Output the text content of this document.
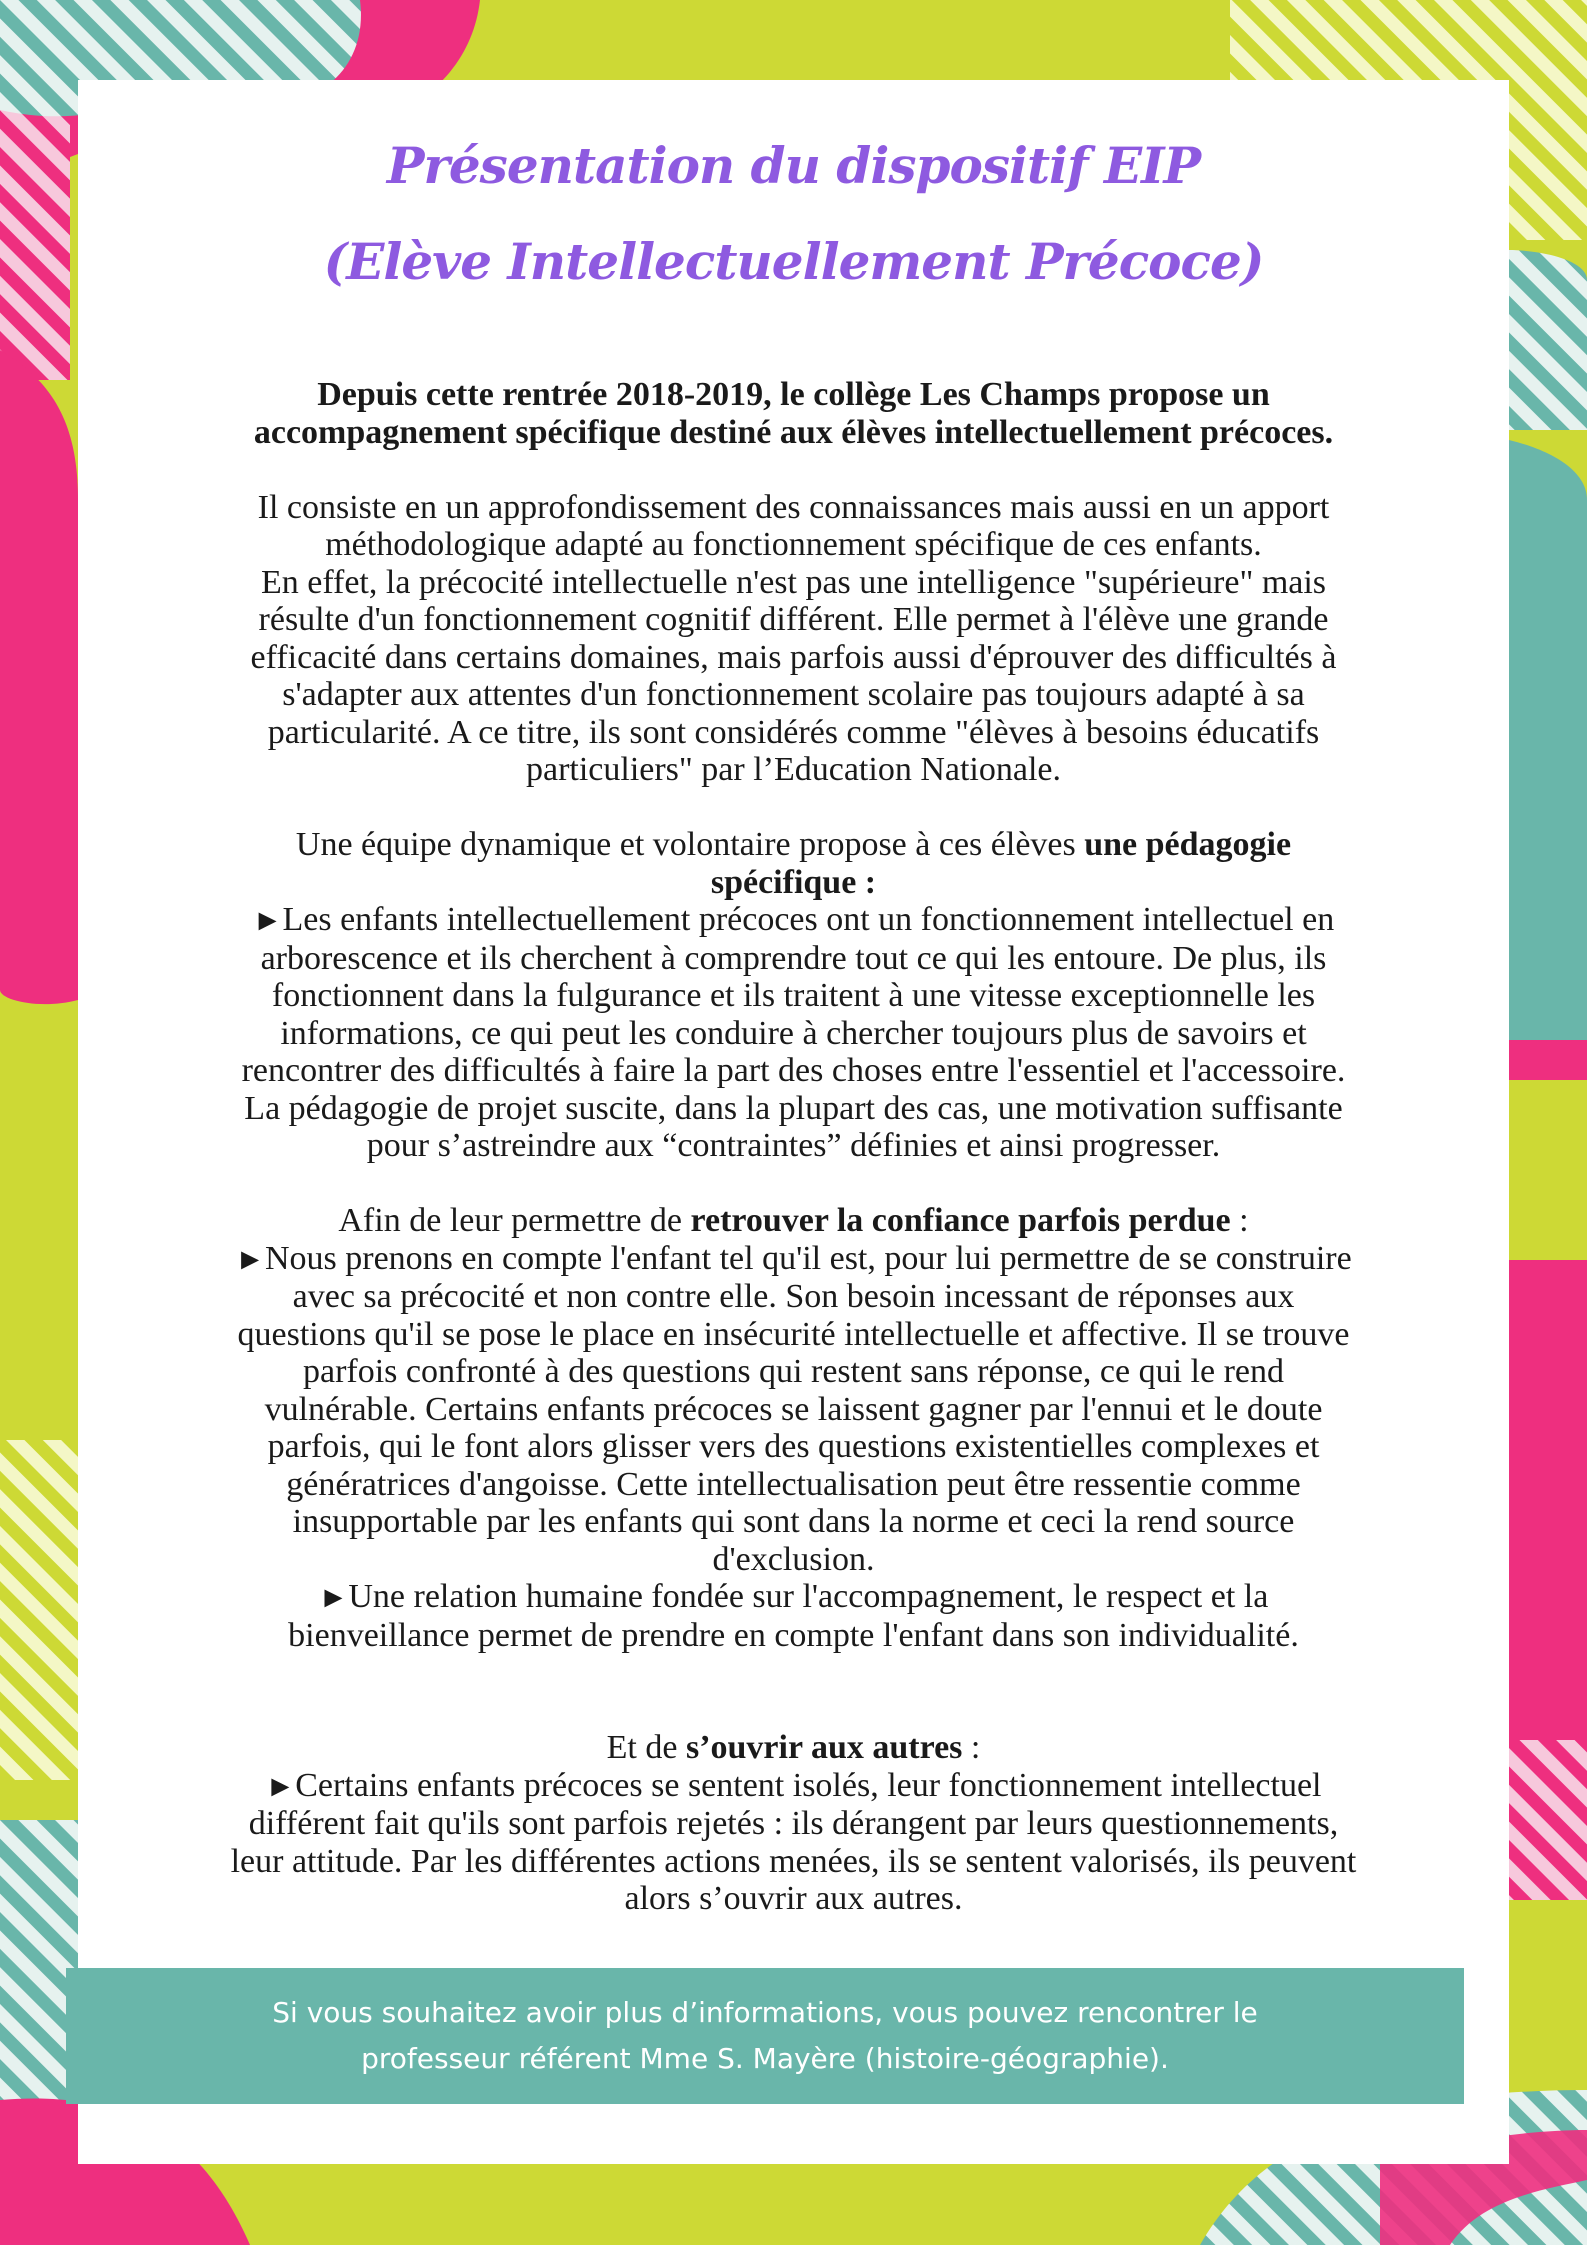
Présentation du dispositif EIP
(Elève Intellectuellement Précoce)

Depuis cette rentrée 2018-2019, le collège Les Champs propose un
accompagnement spécifique destiné aux élèves intellectuellement précoces.

Il consiste en un approfondissement des connaissances mais aussi en un apport
méthodologique adapté au fonctionnement spécifique de ces enfants.
En effet, la précocité intellectuelle n'est pas une intelligence "supérieure" mais
résulte d'un fonctionnement cognitif différent. Elle permet à l'élève une grande
efficacité dans certains domaines, mais parfois aussi d'éprouver des difficultés à
s'adapter aux attentes d'un fonctionnement scolaire pas toujours adapté à sa
particularité. A ce titre, ils sont considérés comme "élèves à besoins éducatifs
particuliers" par l’Education Nationale.

Une équipe dynamique et volontaire propose à ces élèves une pédagogie
spécifique :
►Les enfants intellectuellement précoces ont un fonctionnement intellectuel en
arborescence et ils cherchent à comprendre tout ce qui les entoure. De plus, ils
fonctionnent dans la fulgurance et ils traitent à une vitesse exceptionnelle les
informations, ce qui peut les conduire à chercher toujours plus de savoirs et
rencontrer des difficultés à faire la part des choses entre l'essentiel et l'accessoire.
La pédagogie de projet suscite, dans la plupart des cas, une motivation suffisante
pour s’astreindre aux “contraintes” définies et ainsi progresser.

Afin de leur permettre de retrouver la confiance parfois perdue :
►Nous prenons en compte l'enfant tel qu'il est, pour lui permettre de se construire
avec sa précocité et non contre elle. Son besoin incessant de réponses aux
questions qu'il se pose le place en insécurité intellectuelle et affective. Il se trouve
parfois confronté à des questions qui restent sans réponse, ce qui le rend
vulnérable. Certains enfants précoces se laissent gagner par l'ennui et le doute
parfois, qui le font alors glisser vers des questions existentielles complexes et
génératrices d'angoisse. Cette intellectualisation peut être ressentie comme
insupportable par les enfants qui sont dans la norme et ceci la rend source
d'exclusion.
►Une relation humaine fondée sur l'accompagnement, le respect et la
bienveillance permet de prendre en compte l'enfant dans son individualité.

Et de s’ouvrir aux autres :
►Certains enfants précoces se sentent isolés, leur fonctionnement intellectuel
différent fait qu'ils sont parfois rejetés : ils dérangent par leurs questionnements,
leur attitude. Par les différentes actions menées, ils se sentent valorisés, ils peuvent
alors s’ouvrir aux autres.

Si vous souhaitez avoir plus d’informations, vous pouvez rencontrer le
professeur référent Mme S. Mayère (histoire-géographie).
